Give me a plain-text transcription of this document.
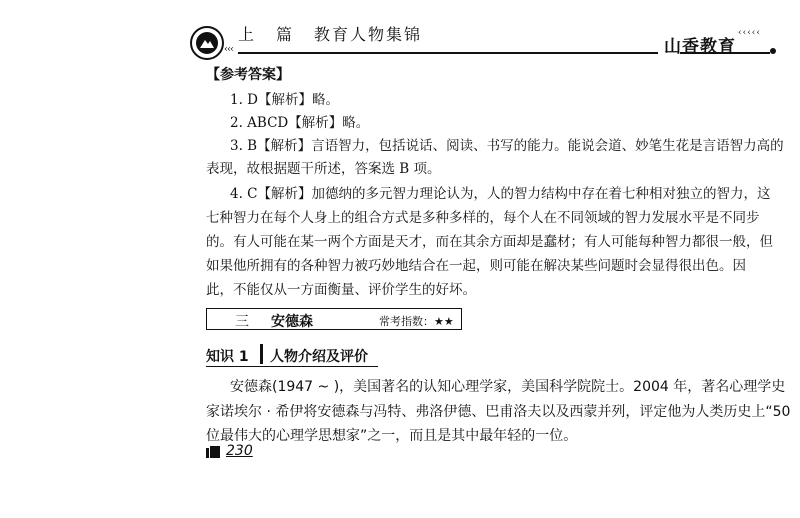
上 篇 教育人物集锦
‹‹‹	山香教育
‹‹‹‹‹
【参考答案】
1. D【解析】略。
2. ABCD【解析】略。
3. B【解析】言语智力，包括说话、阅读、书写的能力。能说会道、妙笔生花是言语智力高的
表现，故根据题干所述，答案选 B 项。
4. C【解析】加德纳的多元智力理论认为，人的智力结构中存在着七种相对独立的智力，这
七种智力在每个人身上的组合方式是多种多样的，每个人在不同领域的智力发展水平是不同步
的。有人可能在某一两个方面是天才，而在其余方面却是蠢材；有人可能每种智力都很一般，但
如果他所拥有的各种智力被巧妙地结合在一起，则可能在解决某些问题时会显得很出色。因
此，不能仅从一方面衡量、评价学生的好坏。
三 安德森	常考指数：★★
知识 1 人物介绍及评价
安德森(1947 ~ )，美国著名的认知心理学家，美国科学院院士。2004 年，著名心理学史
家诺埃尔 · 希伊将安德森与冯特、弗洛伊德、巴甫洛夫以及西蒙并列，评定他为人类历史上“50
位最伟大的心理学思想家”之一，而且是其中最年轻的一位。
230
